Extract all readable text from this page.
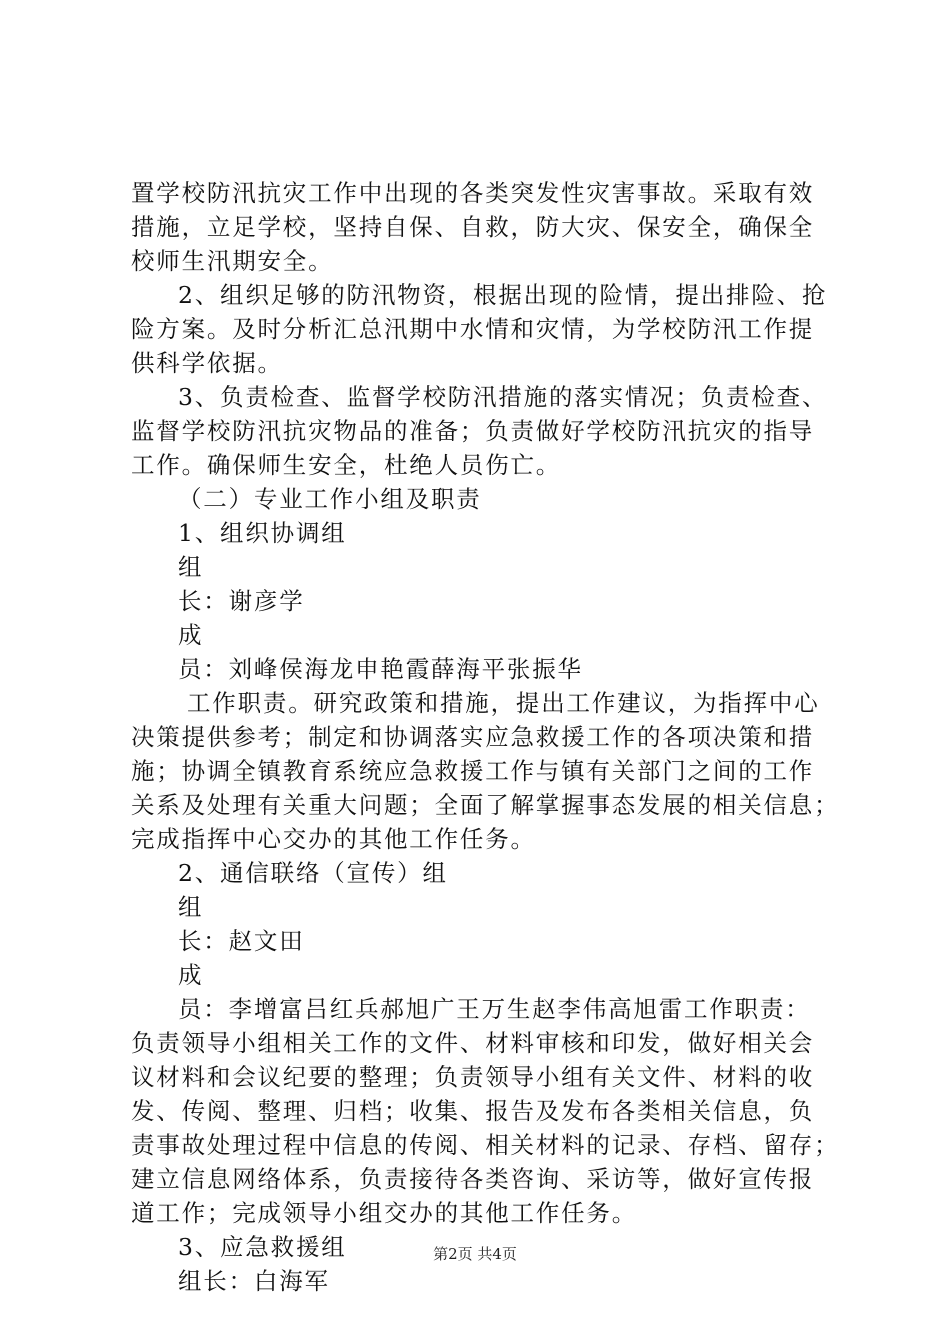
置学校防汛抗灾工作中出现的各类突发性灾害事故。采取有效
措施，立足学校，坚持自保、自救，防大灾、保安全，确保全
校师生汛期安全。
2、组织足够的防汛物资，根据出现的险情，提出排险、抢
险方案。及时分析汇总汛期中水情和灾情，为学校防汛工作提
供科学依据。
3、负责检查、监督学校防汛措施的落实情况；负责检查、
监督学校防汛抗灾物品的准备；负责做好学校防汛抗灾的指导
工作。确保师生安全，杜绝人员伤亡。
（二）专业工作小组及职责
1、组织协调组
组
长：谢彦学
成
员：刘峰侯海龙申艳霞薛海平张振华
工作职责。研究政策和措施，提出工作建议，为指挥中心
决策提供参考；制定和协调落实应急救援工作的各项决策和措
施；协调全镇教育系统应急救援工作与镇有关部门之间的工作
关系及处理有关重大问题；全面了解掌握事态发展的相关信息；
完成指挥中心交办的其他工作任务。
2、通信联络（宣传）组
组
长：赵文田
成
员：李增富吕红兵郝旭广王万生赵李伟高旭雷工作职责：
负责领导小组相关工作的文件、材料审核和印发，做好相关会
议材料和会议纪要的整理；负责领导小组有关文件、材料的收
发、传阅、整理、归档；收集、报告及发布各类相关信息，负
责事故处理过程中信息的传阅、相关材料的记录、存档、留存；
建立信息网络体系，负责接待各类咨询、采访等，做好宣传报
道工作；完成领导小组交办的其他工作任务。
3、应急救援组
组长：白海军
第2页 共4页
